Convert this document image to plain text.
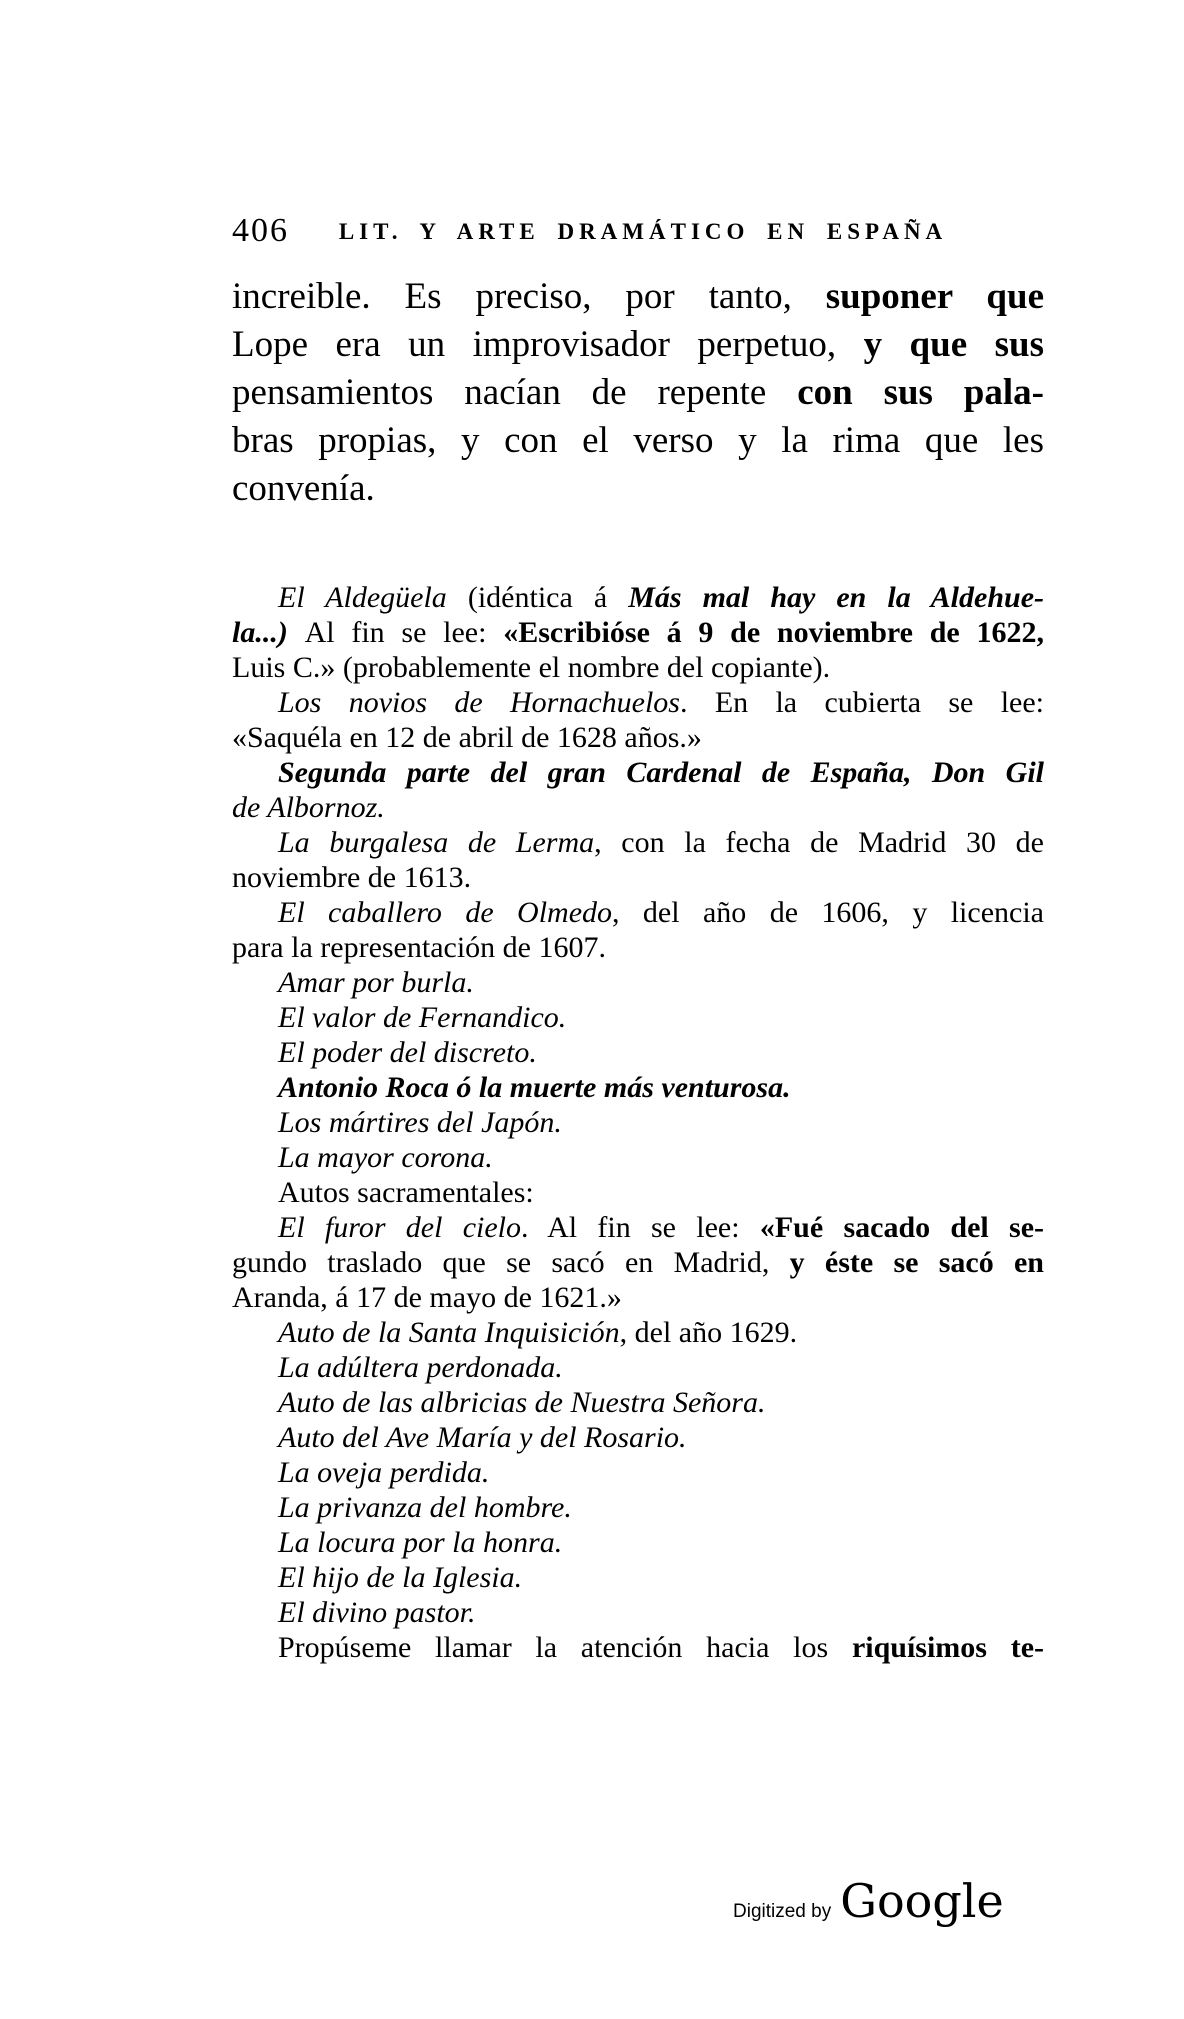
406	LIT. Y ARTE DRAMÁTICO EN ESPAÑA
increible. Es preciso, por tanto, suponer que
Lope era un improvisador perpetuo, y que sus
pensamientos nacían de repente con sus pala-
bras propias, y con el verso y la rima que les
convenía.
El Aldegüela (idéntica á Más mal hay en la Aldehue-
la...) Al fin se lee: «Escribióse á 9 de noviembre de 1622,
Luis C.» (probablemente el nombre del copiante).
Los novios de Hornachuelos. En la cubierta se lee:
«Saquéla en 12 de abril de 1628 años.»
Segunda parte del gran Cardenal de España, Don Gil
de Albornoz.
La burgalesa de Lerma, con la fecha de Madrid 30 de
noviembre de 1613.
El caballero de Olmedo, del año de 1606, y licencia
para la representación de 1607.
Amar por burla.
El valor de Fernandico.
El poder del discreto.
Antonio Roca ó la muerte más venturosa.
Los mártires del Japón.
La mayor corona.
Autos sacramentales:
El furor del cielo. Al fin se lee: «Fué sacado del se-
gundo traslado que se sacó en Madrid, y éste se sacó en
Aranda, á 17 de mayo de 1621.»
Auto de la Santa Inquisición, del año 1629.
La adúltera perdonada.
Auto de las albricias de Nuestra Señora.
Auto del Ave María y del Rosario.
La oveja perdida.
La privanza del hombre.
La locura por la honra.
El hijo de la Iglesia.
El divino pastor.
Propúseme llamar la atención hacia los riquísimos te-
Digitized by Google
